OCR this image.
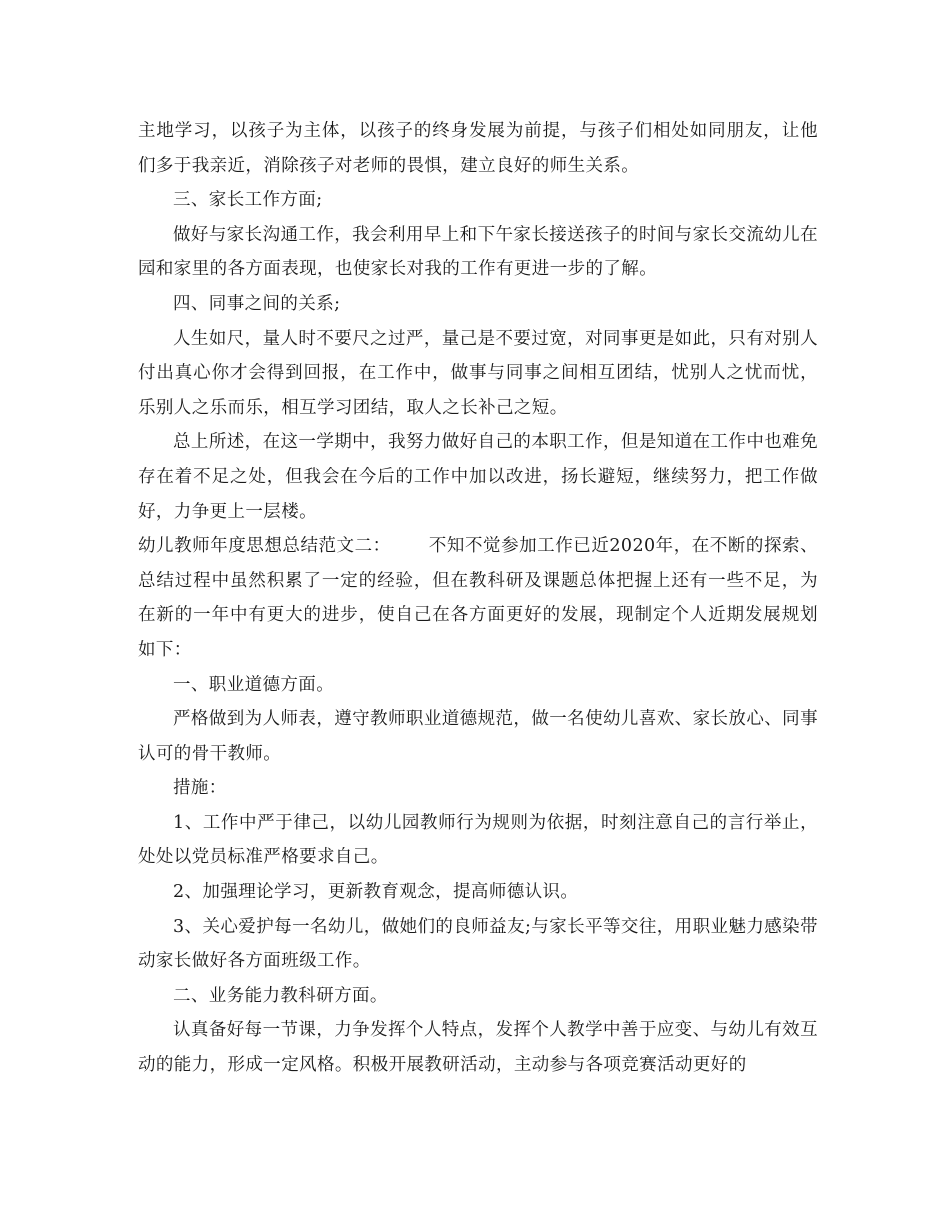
主地学习，以孩子为主体，以孩子的终身发展为前提，与孩子们相处如同朋友，让他们多于我亲近，消除孩子对老师的畏惧，建立良好的师生关系。

三、家长工作方面;

做好与家长沟通工作，我会利用早上和下午家长接送孩子的时间与家长交流幼儿在园和家里的各方面表现，也使家长对我的工作有更进一步的了解。

四、同事之间的关系;

人生如尺，量人时不要尺之过严，量己是不要过宽，对同事更是如此，只有对别人付出真心你才会得到回报，在工作中，做事与同事之间相互团结，忧别人之忧而忧，乐别人之乐而乐，相互学习团结，取人之长补己之短。

总上所述，在这一学期中，我努力做好自己的本职工作，但是知道在工作中也难免存在着不足之处，但我会在今后的工作中加以改进，扬长避短，继续努力，把工作做好，力争更上一层楼。

幼儿教师年度思想总结范文二： 不知不觉参加工作已近2020年，在不断的探索、总结过程中虽然积累了一定的经验，但在教科研及课题总体把握上还有一些不足，为在新的一年中有更大的进步，使自己在各方面更好的发展，现制定个人近期发展规划如下：

一、职业道德方面。

严格做到为人师表，遵守教师职业道德规范，做一名使幼儿喜欢、家长放心、同事认可的骨干教师。

措施：

1、工作中严于律己，以幼儿园教师行为规则为依据，时刻注意自己的言行举止，处处以党员标准严格要求自己。

2、加强理论学习，更新教育观念，提高师德认识。

3、关心爱护每一名幼儿，做她们的良师益友;与家长平等交往，用职业魅力感染带动家长做好各方面班级工作。

二、业务能力教科研方面。

认真备好每一节课，力争发挥个人特点，发挥个人教学中善于应变、与幼儿有效互动的能力，形成一定风格。积极开展教研活动，主动参与各项竞赛活动更好的
